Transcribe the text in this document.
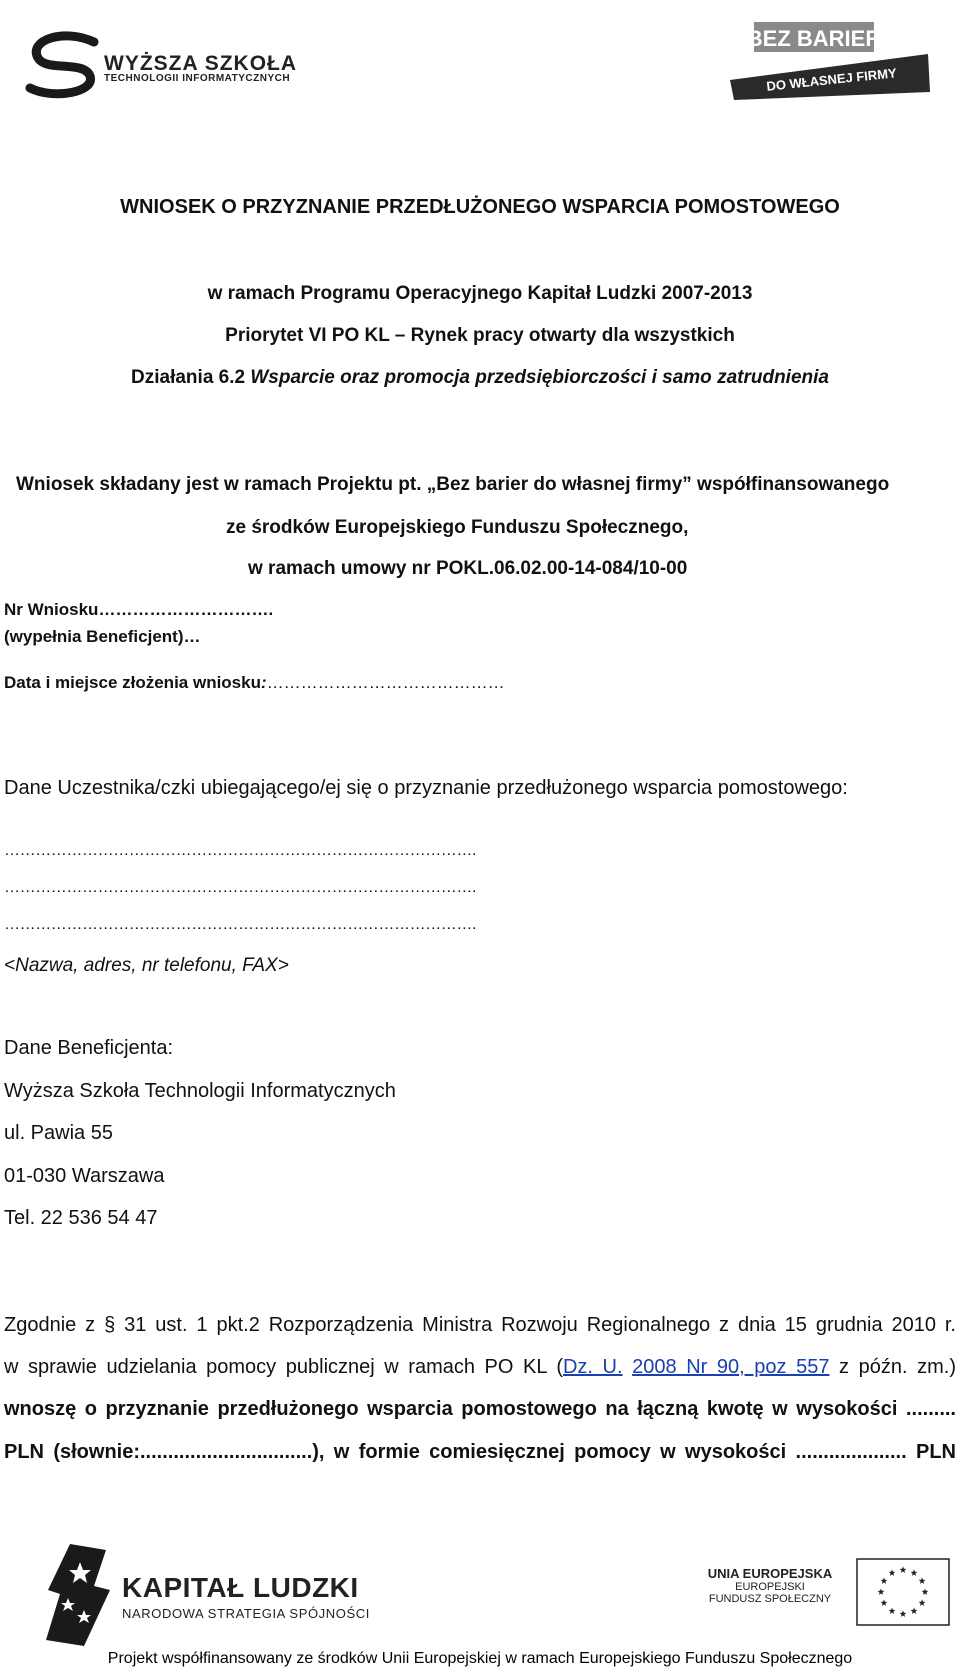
WYŻSZA SZKOŁA
TECHNOLOGII INFORMATYCZNYCH
BEZ BARIER
DO WŁASNEJ FIRMY
WNIOSEK O PRZYZNANIE PRZEDŁUŻONEGO WSPARCIA POMOSTOWEGO
w ramach Programu Operacyjnego Kapitał Ludzki 2007-2013
Priorytet VI PO KL – Rynek pracy otwarty dla wszystkich
Działania 6.2 Wsparcie oraz promocja przedsiębiorczości i samo zatrudnienia
Wniosek składany jest w ramach Projektu pt. „Bez barier do własnej firmy” współfinansowanego
ze środków Europejskiego Funduszu Społecznego,
w ramach umowy nr POKL.06.02.00-14-084/10-00
Nr Wniosku………………………….
(wypełnia Beneficjent)…
Data i miejsce złożenia wniosku:……………………………………
Dane Uczestnika/czki ubiegającego/ej się o przyznanie przedłużonego wsparcia pomostowego:
……………………………………………………………………………….
……………………………………………………………………………….
……………………………………………………………………………….
<Nazwa, adres, nr telefonu, FAX>
Dane Beneficjenta:
Wyższa Szkoła Technologii Informatycznych
ul. Pawia 55
01-030 Warszawa
Tel. 22 536 54 47
Zgodnie z § 31 ust. 1 pkt.2 Rozporządzenia Ministra Rozwoju Regionalnego z dnia 15 grudnia 2010 r.
w sprawie udzielania pomocy publicznej w ramach PO KL (Dz. U. 2008 Nr 90, poz 557 z późn. zm.)
wnoszę o przyznanie przedłużonego wsparcia pomostowego na łączną kwotę w wysokości .........
PLN (słownie:...............................), w formie comiesięcznej pomocy w wysokości .................... PLN
KAPITAŁ LUDZKI
NARODOWA STRATEGIA SPÓJNOŚCI
UNIA EUROPEJSKA
EUROPEJSKI
FUNDUSZ SPOŁECZNY
Projekt współfinansowany ze środków Unii Europejskiej w ramach Europejskiego Funduszu Społecznego
